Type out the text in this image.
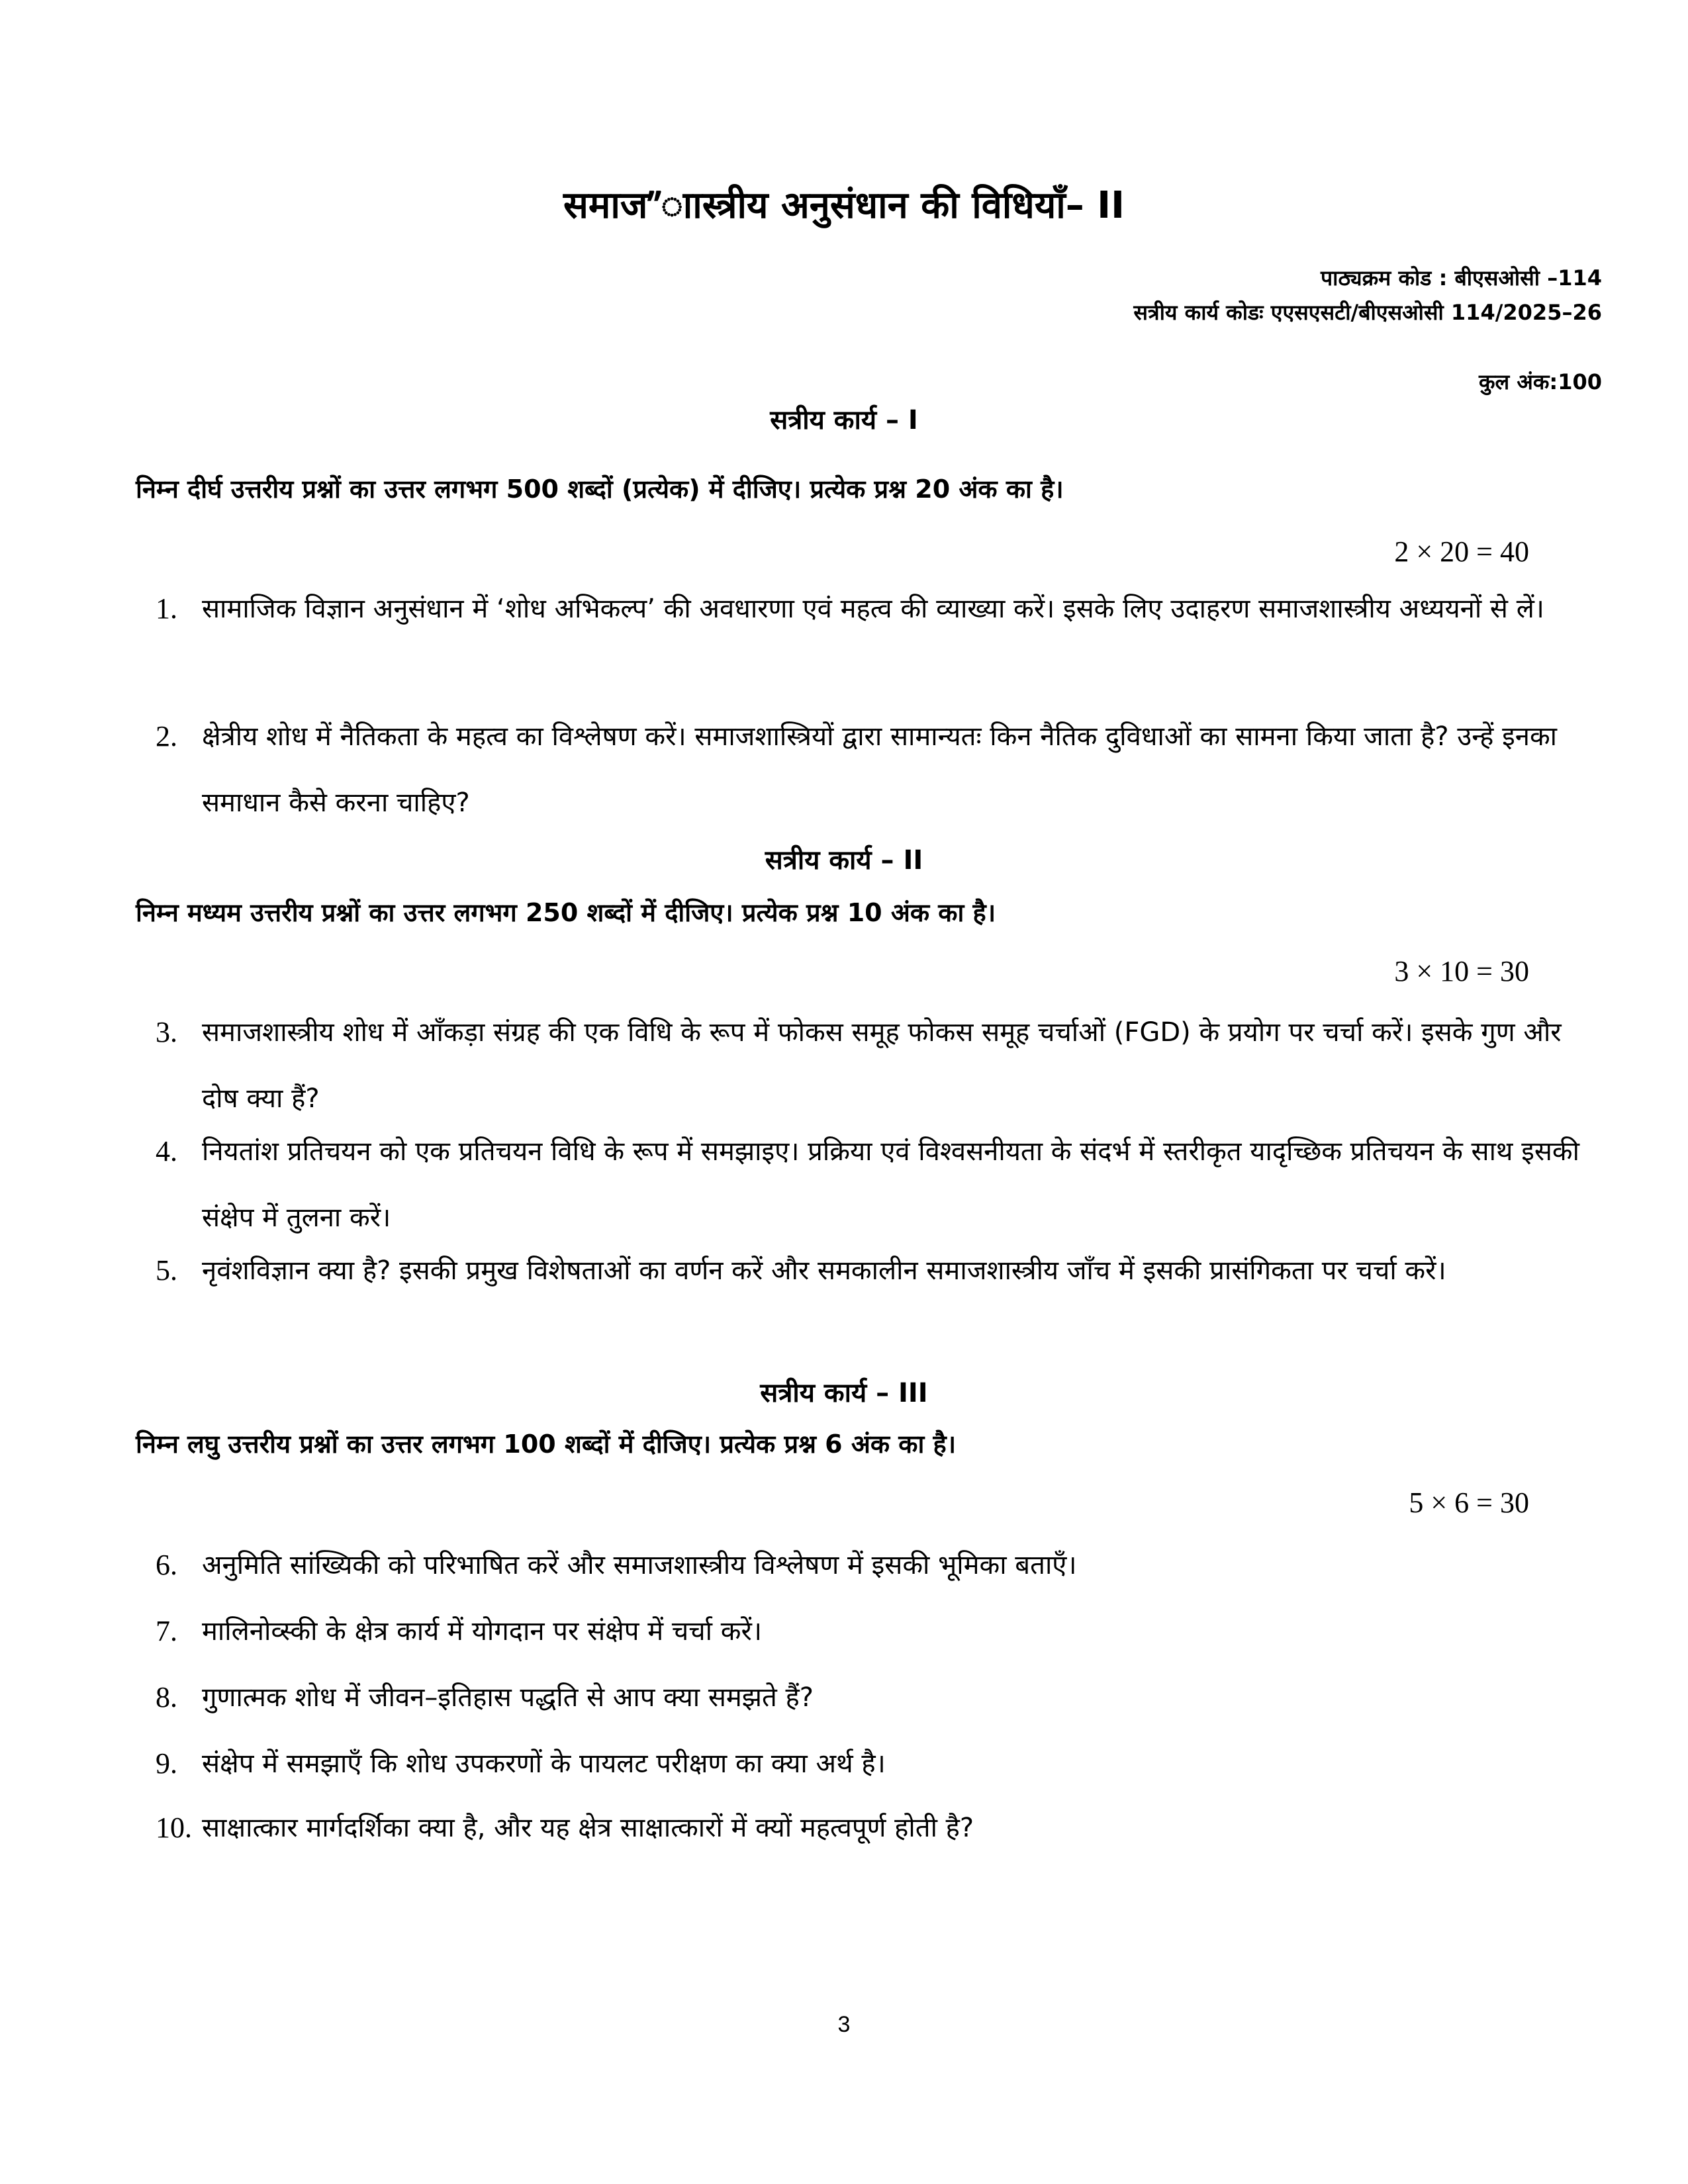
समाज”ाास्त्रीय अनुसंधान की विधियाँ– II
पाठ्यक्रम कोड : बीएसओसी –114
सत्रीय कार्य कोडः एएसएसटी/बीएसओसी 114/2025–26
कुल अंक:100
सत्रीय कार्य – I
निम्न दीर्घ उत्तरीय प्रश्नों का उत्तर लगभग 500 शब्दों (प्रत्येक) में दीजिए। प्रत्येक प्रश्न 20 अंक का है।
2 × 20 = 40
1. सामाजिक विज्ञान अनुसंधान में ‘शोध अभिकल्प’ की अवधारणा एवं महत्व की व्याख्या करें। इसके लिए उदाहरण समाजशास्त्रीय अध्ययनों से लें।
2. क्षेत्रीय शोध में नैतिकता के महत्व का विश्लेषण करें। समाजशास्त्रियों द्वारा सामान्यतः किन नैतिक दुविधाओं का सामना किया जाता है? उन्हें इनका समाधान कैसे करना चाहिए?
सत्रीय कार्य – II
निम्न मध्यम उत्तरीय प्रश्नों का उत्तर लगभग 250 शब्दों में दीजिए। प्रत्येक प्रश्न 10 अंक का है।
3 × 10 = 30
3. समाजशास्त्रीय शोध में आँकड़ा संग्रह की एक विधि के रूप में फोकस समूह फोकस समूह चर्चाओं (FGD) के प्रयोग पर चर्चा करें। इसके गुण और दोष क्या हैं?
4. नियतांश प्रतिचयन को एक प्रतिचयन विधि के रूप में समझाइए। प्रक्रिया एवं विश्वसनीयता के संदर्भ में स्तरीकृत यादृच्छिक प्रतिचयन के साथ इसकी संक्षेप में तुलना करें।
5. नृवंशविज्ञान क्या है? इसकी प्रमुख विशेषताओं का वर्णन करें और समकालीन समाजशास्त्रीय जाँच में इसकी प्रासंगिकता पर चर्चा करें।
सत्रीय कार्य – III
निम्न लघु उत्तरीय प्रश्नों का उत्तर लगभग 100 शब्दों में दीजिए। प्रत्येक प्रश्न 6 अंक का है।
5 × 6 = 30
6. अनुमिति सांख्यिकी को परिभाषित करें और समाजशास्त्रीय विश्लेषण में इसकी भूमिका बताएँ।
7. मालिनोव्स्की के क्षेत्र कार्य में योगदान पर संक्षेप में चर्चा करें।
8. गुणात्मक शोध में जीवन–इतिहास पद्धति से आप क्या समझते हैं?
9. संक्षेप में समझाएँ कि शोध उपकरणों के पायलट परीक्षण का क्या अर्थ है।
10. साक्षात्कार मार्गदर्शिका क्या है, और यह क्षेत्र साक्षात्कारों में क्यों महत्वपूर्ण होती है?
3
